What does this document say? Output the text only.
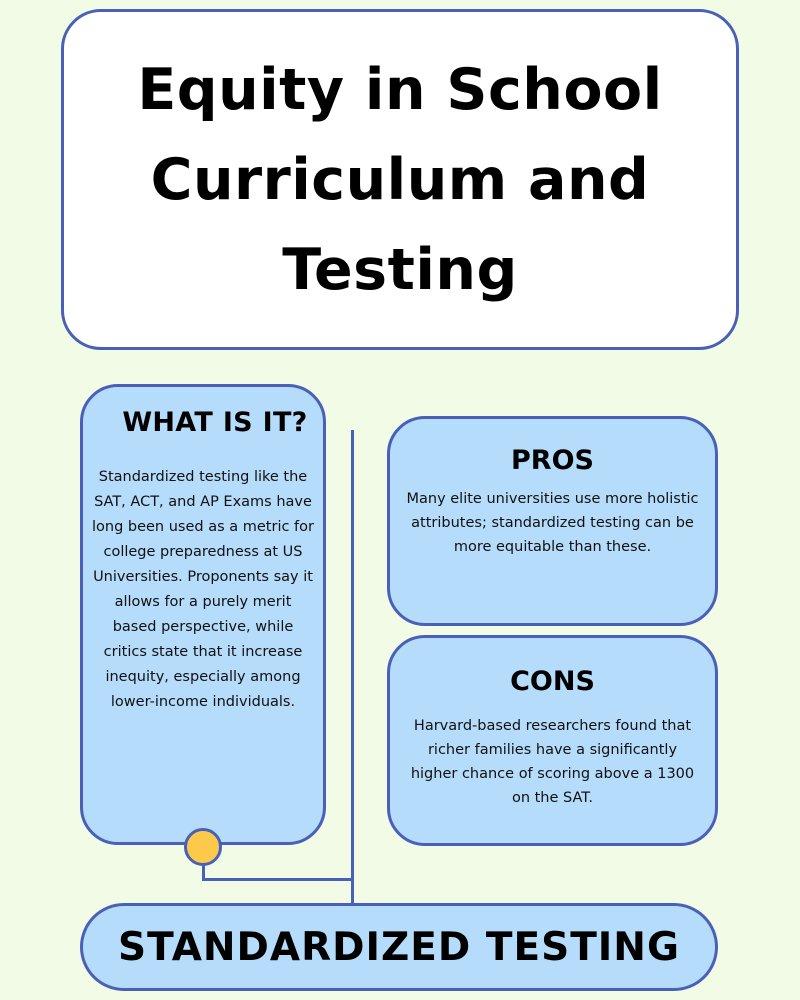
Equity in School Curriculum and Testing
WHAT IS IT?
Standardized testing like the SAT, ACT, and AP Exams have long been used as a metric for college preparedness at US Universities. Proponents say it allows for a purely merit based perspective, while critics state that it increase inequity, especially among lower-income individuals.
PROS
Many elite universities use more holistic attributes; standardized testing can be more equitable than these.
CONS
Harvard-based researchers found that richer families have a significantly higher chance of scoring above a 1300 on the SAT.
STANDARDIZED TESTING
